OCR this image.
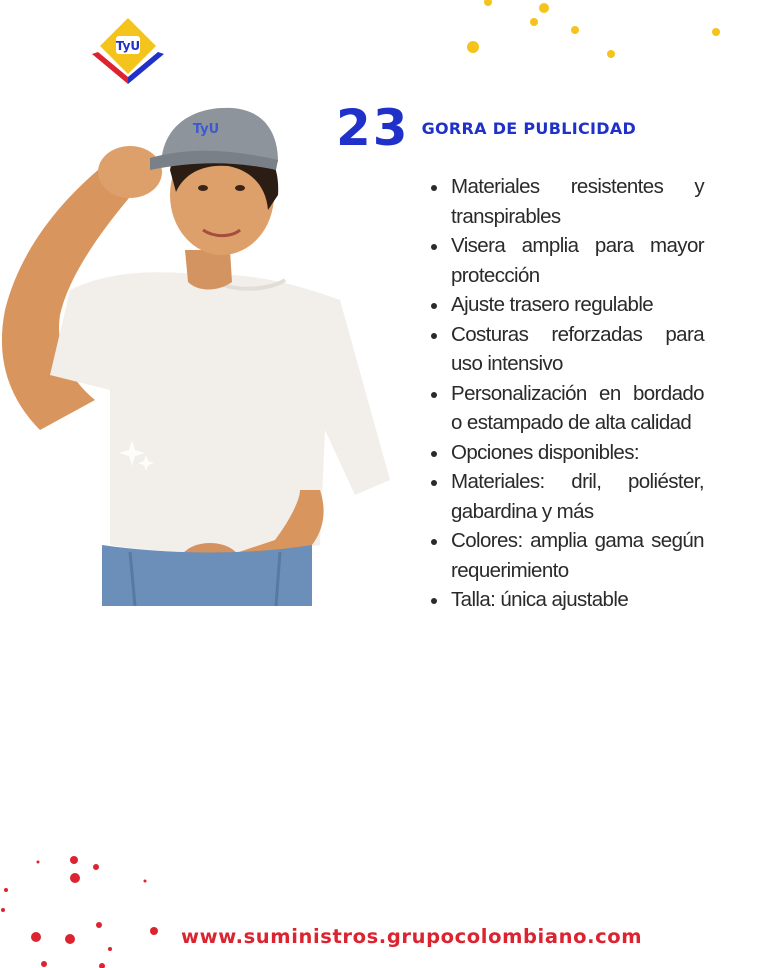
TyU
TyU 23 GORRA DE PUBLICIDAD
Materiales resistentes y transpirables
Visera amplia para mayor protección
Ajuste trasero regulable
Costuras reforzadas para uso intensivo
Personalización en bordado o estampado de alta calidad
Opciones disponibles:
Materiales: dril, poliéster, gabardina y más
Colores: amplia gama según requerimiento
Talla: única ajustable
www.suministros.grupocolombiano.com
